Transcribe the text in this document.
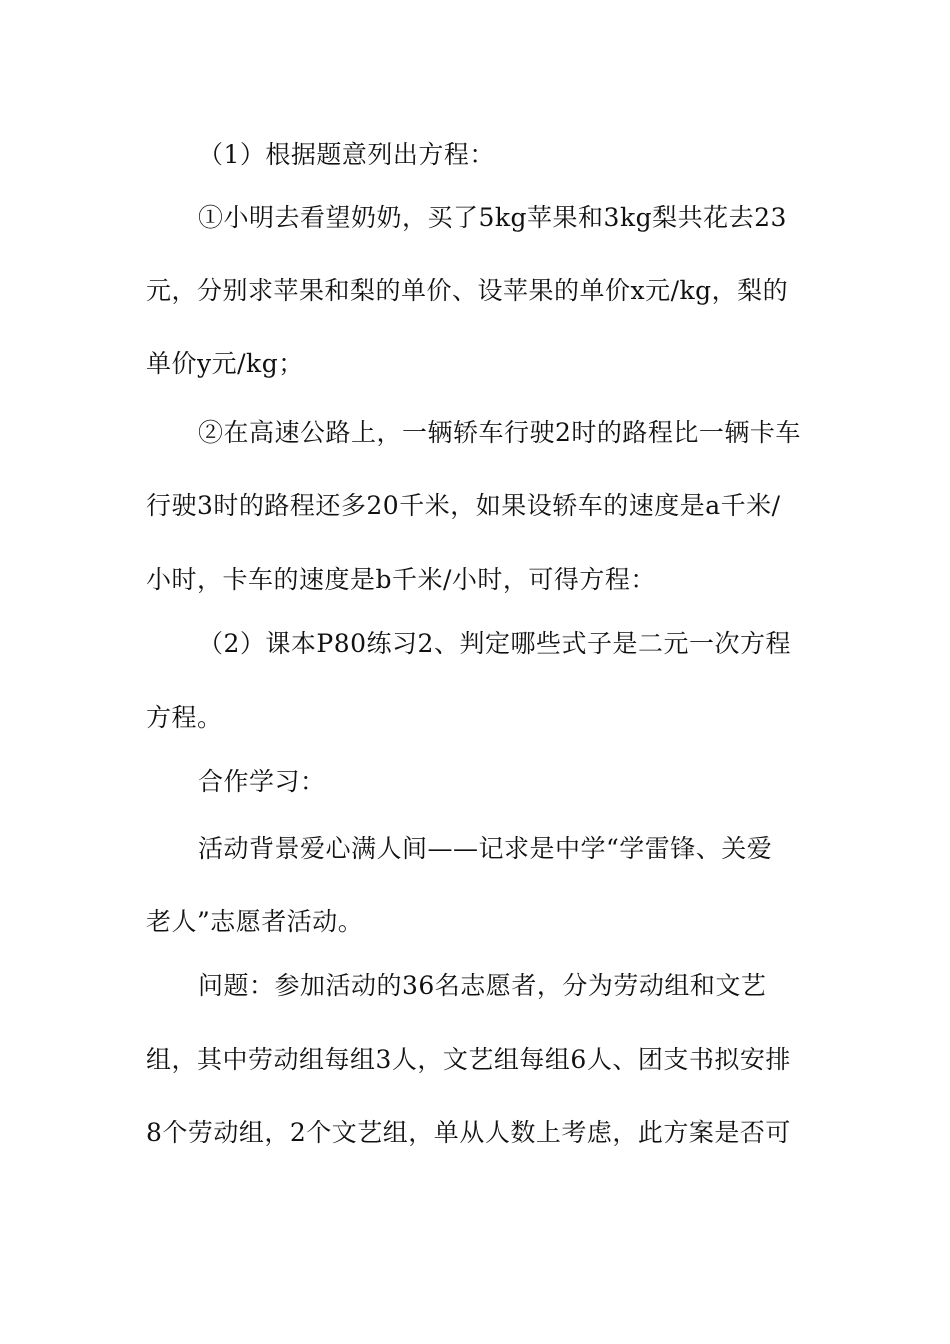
（1）根据题意列出方程：
①小明去看望奶奶，买了5kg苹果和3kg梨共花去23
元，分别求苹果和梨的单价、设苹果的单价x元/kg，梨的
单价y元/kg；
②在高速公路上，一辆轿车行驶2时的路程比一辆卡车
行驶3时的路程还多20千米，如果设轿车的速度是a千米/
小时，卡车的速度是b千米/小时，可得方程：
（2）课本P80练习2、判定哪些式子是二元一次方程
方程。
合作学习：
活动背景爱心满人间——记求是中学“学雷锋、关爱
老人”志愿者活动。
问题：参加活动的36名志愿者，分为劳动组和文艺
组，其中劳动组每组3人，文艺组每组6人、团支书拟安排
8个劳动组，2个文艺组，单从人数上考虑，此方案是否可
